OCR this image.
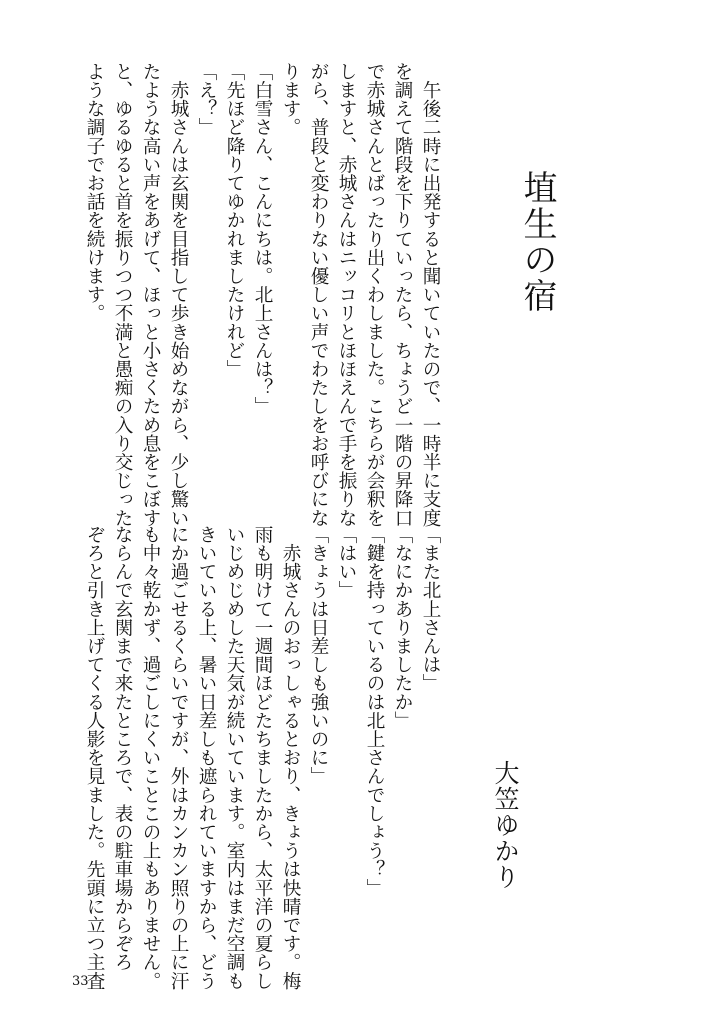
埴生の宿
大笠ゆかり
　午後二時に出発すると聞いていたので、一時半に支度
を調えて階段を下りていったら、ちょうど一階の昇降口
で赤城さんとばったり出くわしました。こちらが会釈を
しますと、赤城さんはニッコリとほほえんで手を振りな
がら、普段と変わりない優しい声でわたしをお呼びにな
ります。
「白雪さん、こんにちは。北上さんは？」
「先ほど降りてゆかれましたけれど」
「え？」
　赤城さんは玄関を目指して歩き始めながら、少し驚い
たような高い声をあげて、ほっと小さくため息をこぼす
と、ゆるゆると首を振りつつ不満と愚痴の入り交じった
ような調子でお話を続けます。
「また北上さんは」
「なにかありましたか」
「鍵を持っているのは北上さんでしょう？」
「はい」
「きょうは日差しも強いのに」
　赤城さんのおっしゃるとおり、きょうは快晴です。梅
雨も明けて一週間ほどたちましたから、太平洋の夏らし
いじめじめした天気が続いています。室内はまだ空調も
きいている上、暑い日差しも遮られていますから、どう
にか過ごせるくらいですが、外はカンカン照りの上に汗
も中々乾かず、過ごしにくいことこの上もありません。
ならんで玄関まで来たところで、表の駐車場からぞろ
ぞろと引き上げてくる人影を見ました。先頭に立つ主査
33
